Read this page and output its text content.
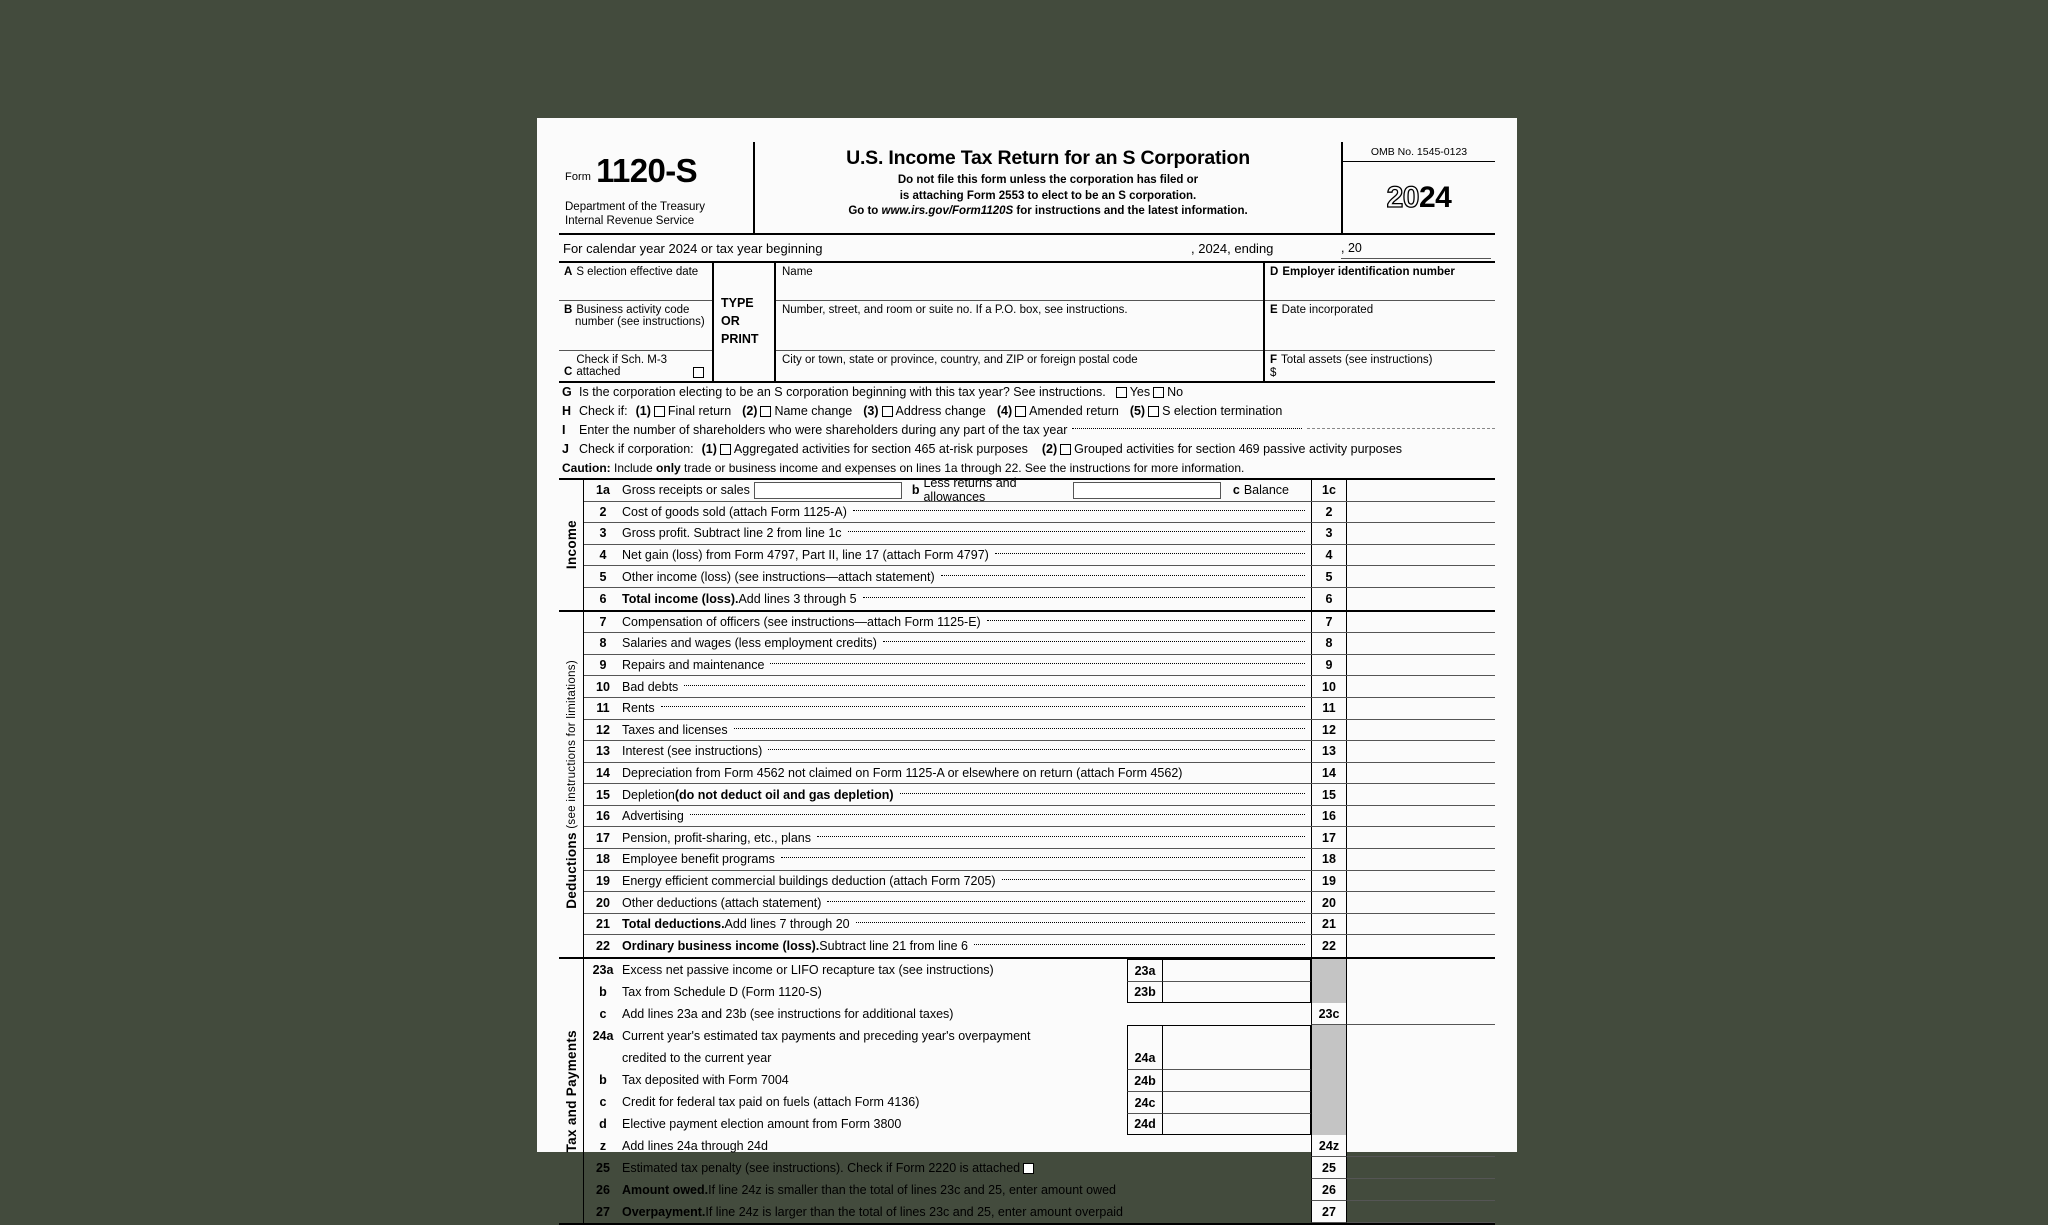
Form 1120-S
Department of the Treasury
Internal Revenue Service
U.S. Income Tax Return for an S Corporation
Do not file this form unless the corporation has filed or
is attaching Form 2553 to elect to be an S corporation.
Go to www.irs.gov/Form1120S for instructions and the latest information.
OMB No. 1545-0123
2024
For calendar year 2024 or tax year beginning	, 2024, ending	, 20
A S election effective date
B Business activity code
number (see instructions)
C
Check if Sch. M-3 attached
TYPE
OR
PRINT
Name
Number, street, and room or suite no. If a P.O. box, see instructions.
City or town, state or province, country, and ZIP or foreign postal code
D Employer identification number
E Date incorporated
F Total assets (see instructions)
$
G Is the corporation electing to be an S corporation beginning with this tax year? See instructions. Yes No
H Check if: (1) Final return (2) Name change (3) Address change (4) Amended return (5) S election termination
I	Enter the number of shareholders who were shareholders during any part of the tax year
J Check if corporation: (1) Aggregated activities for section 465 at-risk purposes (2) Grouped activities for section 469 passive activity purposes
Caution: Include only trade or business income and expenses on lines 1a through 22. See the instructions for more information.
Income
1a Gross receipts or sales	b Less returns and allowances	c Balance	1c
2	Cost of goods sold (attach Form 1125-A)	2
3	Gross profit. Subtract line 2 from line 1c	3
4	Net gain (loss) from Form 4797, Part II, line 17 (attach Form 4797)	4
5	Other income (loss) (see instructions—attach statement)	5
6	Total income (loss). Add lines 3 through 5	6
Deductions (see instructions for limitations)
7	Compensation of officers (see instructions—attach Form 1125-E)	7
8	Salaries and wages (less employment credits)	8
9	Repairs and maintenance	9
10 Bad debts	10
11 Rents	11
12 Taxes and licenses	12
13 Interest (see instructions)	13
14 Depreciation from Form 4562 not claimed on Form 1125-A or elsewhere on return (attach Form 4562)	14
15 Depletion (do not deduct oil and gas depletion)	15
16 Advertising	16
17 Pension, profit-sharing, etc., plans	17
18 Employee benefit programs	18
19 Energy efficient commercial buildings deduction (attach Form 7205)	19
20 Other deductions (attach statement)	20
21 Total deductions. Add lines 7 through 20	21
22 Ordinary business income (loss). Subtract line 21 from line 6	22
Tax and Payments
23a Excess net passive income or LIFO recapture tax (see instructions)	23a
b	Tax from Schedule D (Form 1120-S)	23b
c	Add lines 23a and 23b (see instructions for additional taxes)	23c
24a Current year's estimated tax payments and preceding year's overpayment
credited to the current year	24a
b	Tax deposited with Form 7004	24b
c	Credit for federal tax paid on fuels (attach Form 4136)	24c
d	Elective payment election amount from Form 3800	24d
z	Add lines 24a through 24d	24z
25 Estimated tax penalty (see instructions). Check if Form 2220 is attached	25
26 Amount owed. If line 24z is smaller than the total of lines 23c and 25, enter amount owed	26
27 Overpayment. If line 24z is larger than the total of lines 23c and 25, enter amount overpaid	27
